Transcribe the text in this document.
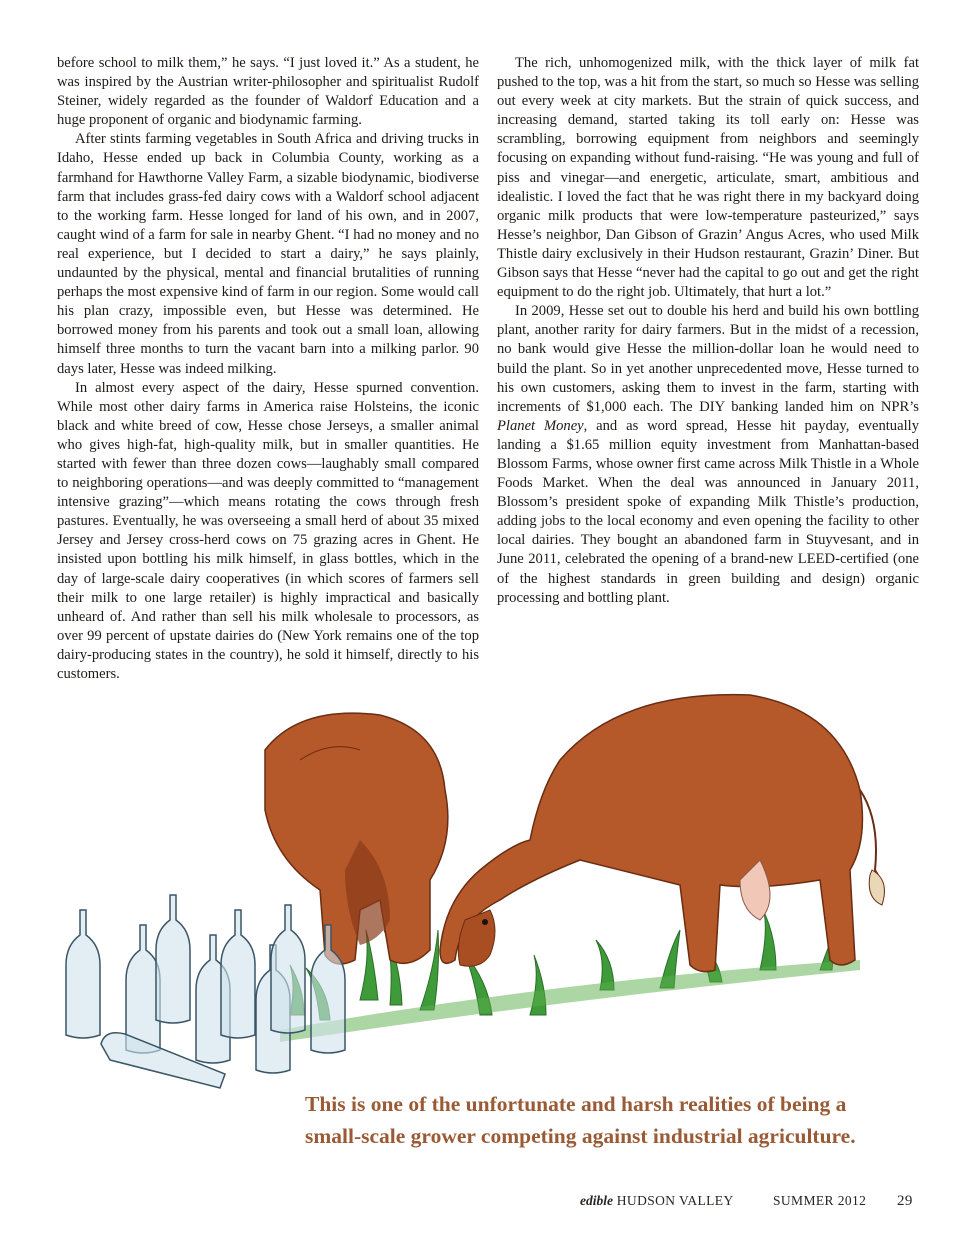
before school to milk them,” he says. “I just loved it.” As a student, he was inspired by the Austrian writer-philosopher and spiritualist Rudolf Steiner, widely regarded as the founder of Waldorf Education and a huge proponent of organic and biodynamic farming.

After stints farming vegetables in South Africa and driving trucks in Idaho, Hesse ended up back in Columbia County, working as a farmhand for Hawthorne Valley Farm, a sizable biodynamic, biodiverse farm that includes grass-fed dairy cows with a Waldorf school adjacent to the working farm. Hesse longed for land of his own, and in 2007, caught wind of a farm for sale in nearby Ghent. “I had no money and no real experience, but I decided to start a dairy,” he says plainly, undaunted by the physical, mental and financial brutalities of running perhaps the most expensive kind of farm in our region. Some would call his plan crazy, impossible even, but Hesse was determined. He borrowed money from his parents and took out a small loan, allowing himself three months to turn the vacant barn into a milking parlor. 90 days later, Hesse was indeed milking.

In almost every aspect of the dairy, Hesse spurned convention. While most other dairy farms in America raise Holsteins, the iconic black and white breed of cow, Hesse chose Jerseys, a smaller animal who gives high-fat, high-quality milk, but in smaller quantities. He started with fewer than three dozen cows—laughably small compared to neighboring operations—and was deeply committed to “management intensive grazing”—which means rotating the cows through fresh pastures. Eventually, he was overseeing a small herd of about 35 mixed Jersey and Jersey cross-herd cows on 75 grazing acres in Ghent. He insisted upon bottling his milk himself, in glass bottles, which in the day of large-scale dairy cooperatives (in which scores of farmers sell their milk to one large retailer) is highly impractical and basically unheard of. And rather than sell his milk wholesale to processors, as over 99 percent of upstate dairies do (New York remains one of the top dairy-producing states in the country), he sold it himself, directly to his customers.

The rich, unhomogenized milk, with the thick layer of milk fat pushed to the top, was a hit from the start, so much so Hesse was selling out every week at city markets. But the strain of quick success, and increasing demand, started taking its toll early on: Hesse was scrambling, borrowing equipment from neighbors and seemingly focusing on expanding without fund-raising. “He was young and full of piss and vinegar—and energetic, articulate, smart, ambitious and idealistic. I loved the fact that he was right there in my backyard doing organic milk products that were low-temperature pasteurized,” says Hesse’s neighbor, Dan Gibson of Grazin’ Angus Acres, who used Milk Thistle dairy exclusively in their Hudson restaurant, Grazin’ Diner. But Gibson says that Hesse “never had the capital to go out and get the right equipment to do the right job. Ultimately, that hurt a lot.”

In 2009, Hesse set out to double his herd and build his own bottling plant, another rarity for dairy farmers. But in the midst of a recession, no bank would give Hesse the million-dollar loan he would need to build the plant. So in yet another unprecedented move, Hesse turned to his own customers, asking them to invest in the farm, starting with increments of $1,000 each. The DIY banking landed him on NPR’s Planet Money, and as word spread, Hesse hit payday, eventually landing a $1.65 million equity investment from Manhattan-based Blossom Farms, whose owner first came across Milk Thistle in a Whole Foods Market. When the deal was announced in January 2011, Blossom’s president spoke of expanding Milk Thistle’s production, adding jobs to the local economy and even opening the facility to other local dairies. They bought an abandoned farm in Stuyvesant, and in June 2011, celebrated the opening of a brand-new LEED-certified (one of the highest standards in green building and design) organic processing and bottling plant.

This is one of the unfortunate and harsh realities of being a
small-scale grower competing against industrial agriculture.
edible HUDSON VALLEY	SUMMER 2012 29
